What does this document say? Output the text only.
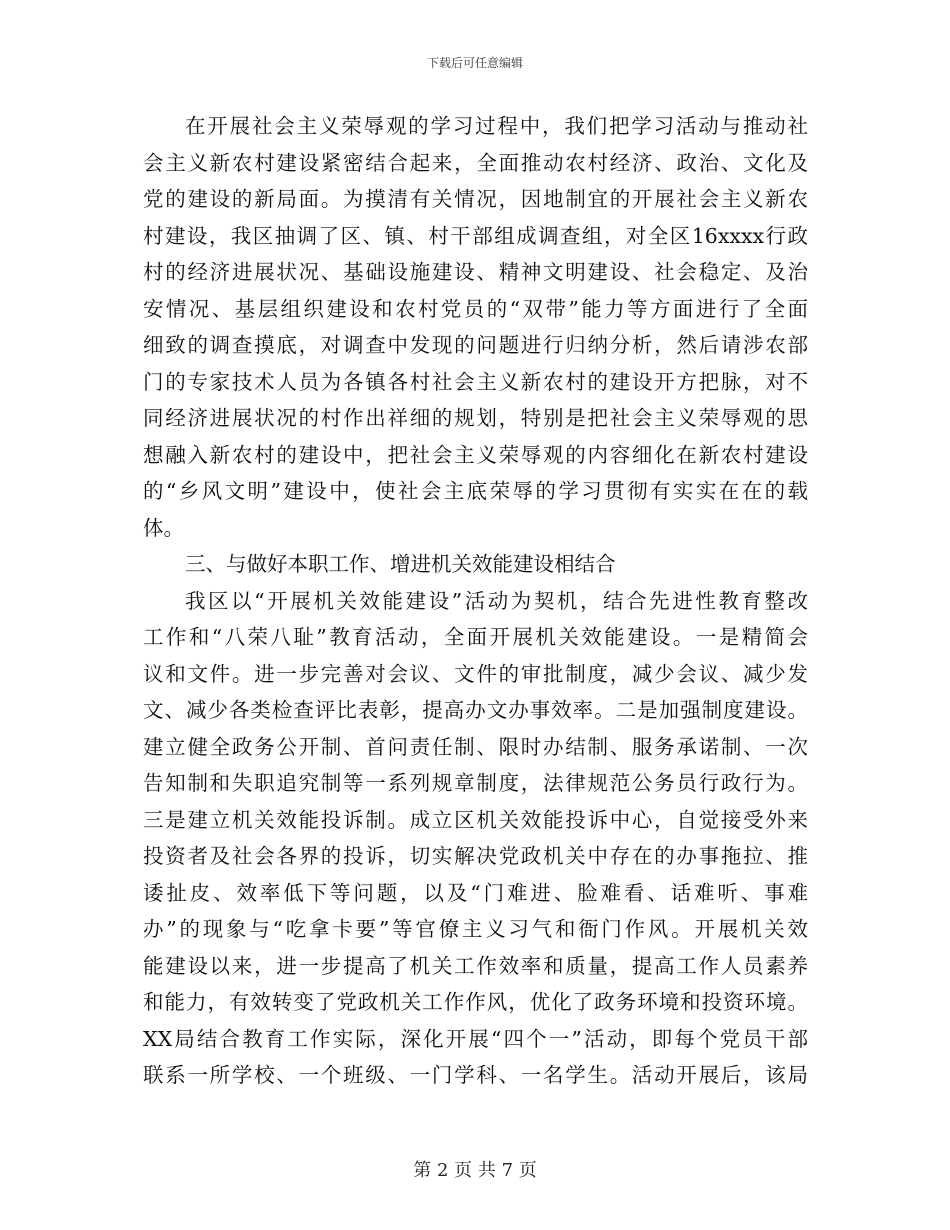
下载后可任意编辑
在开展社会主义荣辱观的学习过程中，我们把学习活动与推动社
会主义新农村建设紧密结合起来，全面推动农村经济、政治、文化及
党的建设的新局面。为摸清有关情况，因地制宜的开展社会主义新农
村建设，我区抽调了区、镇、村干部组成调查组，对全区16xxxx行政
村的经济进展状况、基础设施建设、精神文明建设、社会稳定、及治
安情况、基层组织建设和农村党员的“双带”能力等方面进行了全面
细致的调查摸底，对调查中发现的问题进行归纳分析，然后请涉农部
门的专家技术人员为各镇各村社会主义新农村的建设开方把脉，对不
同经济进展状况的村作出祥细的规划，特别是把社会主义荣辱观的思
想融入新农村的建设中，把社会主义荣辱观的内容细化在新农村建设
的“乡风文明”建设中，使社会主底荣辱的学习贯彻有实实在在的载
体。
三、与做好本职工作、增进机关效能建设相结合
我区以“开展机关效能建设”活动为契机，结合先进性教育整改
工作和“八荣八耻”教育活动，全面开展机关效能建设。一是精简会
议和文件。进一步完善对会议、文件的审批制度，减少会议、减少发
文、减少各类检查评比表彰，提高办文办事效率。二是加强制度建设。
建立健全政务公开制、首问责任制、限时办结制、服务承诺制、一次
告知制和失职追究制等一系列规章制度，法律规范公务员行政行为。
三是建立机关效能投诉制。成立区机关效能投诉中心，自觉接受外来
投资者及社会各界的投诉，切实解决党政机关中存在的办事拖拉、推
诿扯皮、效率低下等问题，以及“门难进、脸难看、话难听、事难
办”的现象与“吃拿卡要”等官僚主义习气和衙门作风。开展机关效
能建设以来，进一步提高了机关工作效率和质量，提高工作人员素养
和能力，有效转变了党政机关工作作风，优化了政务环境和投资环境。
XX局结合教育工作实际，深化开展“四个一”活动，即每个党员干部
联系一所学校、一个班级、一门学科、一名学生。活动开展后，该局
第 2 页 共 7 页
